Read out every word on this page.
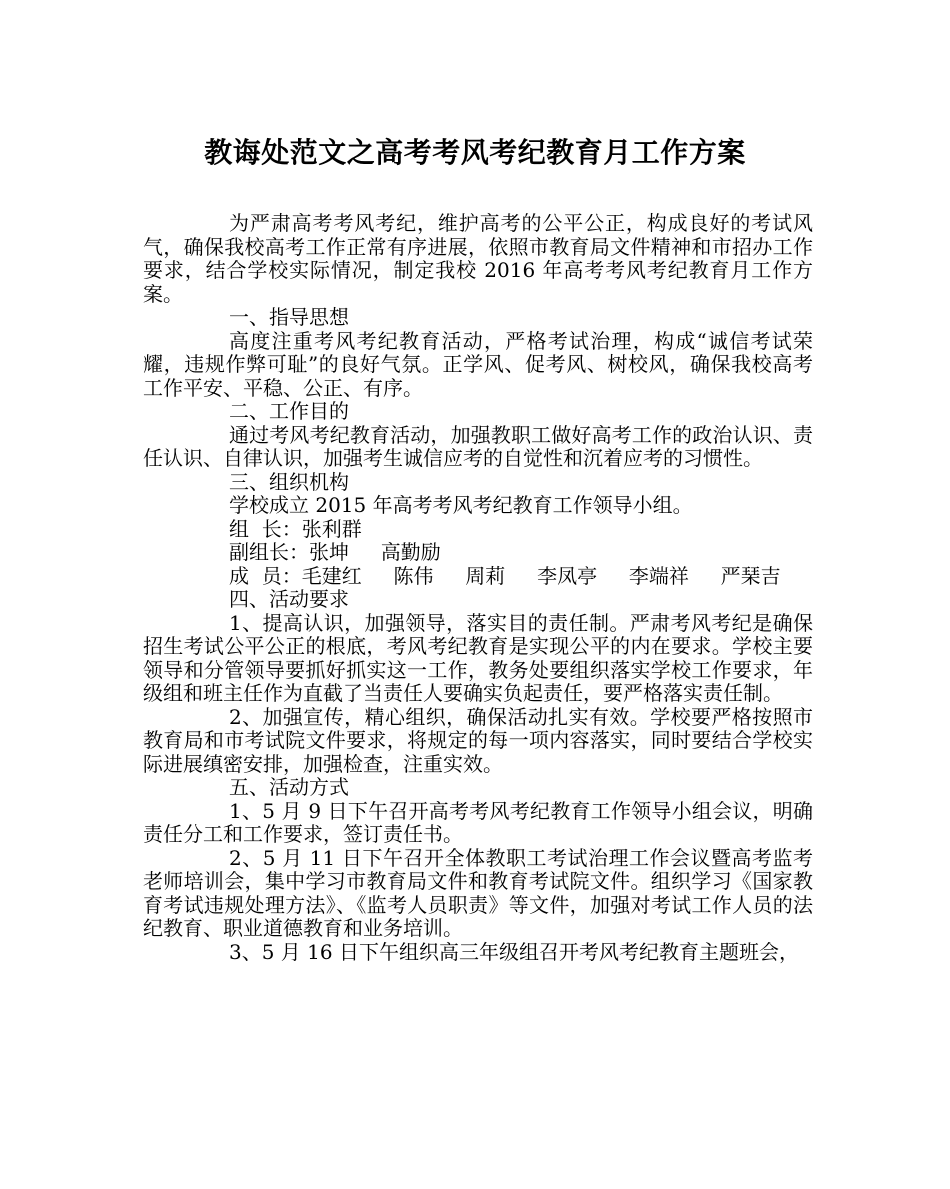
教诲处范文之高考考风考纪教育月工作方案

为严肃高考考风考纪，维护高考的公平公正，构成良好的考试风气，确保我校高考工作正常有序进展，依照市教育局文件精神和市招办工作要求，结合学校实际情况，制定我校 2016 年高考考风考纪教育月工作方案。

一、指导思想

高度注重考风考纪教育活动，严格考试治理，构成“诚信考试荣耀，违规作弊可耻”的良好气氛。正学风、促考风、树校风，确保我校高考工作平安、平稳、公正、有序。

二、工作目的

通过考风考纪教育活动，加强教职工做好高考工作的政治认识、责任认识、自律认识，加强考生诚信应考的自觉性和沉着应考的习惯性。

三、组织机构

学校成立 2015 年高考考风考纪教育工作领导小组。

组  长：张利群

副组长：张坤     高勤励

成  员：毛建红     陈伟     周莉     李凤亭     李端祥     严琹吉

四、活动要求

1、提高认识，加强领导，落实目的责任制。严肃考风考纪是确保招生考试公平公正的根底，考风考纪教育是实现公平的内在要求。学校主要领导和分管领导要抓好抓实这一工作，教务处要组织落实学校工作要求，年级组和班主任作为直截了当责任人要确实负起责任，要严格落实责任制。

2、加强宣传，精心组织，确保活动扎实有效。学校要严格按照市教育局和市考试院文件要求，将规定的每一项内容落实，同时要结合学校实际进展缜密安排，加强检查，注重实效。

五、活动方式

1、5 月 9 日下午召开高考考风考纪教育工作领导小组会议，明确责任分工和工作要求，签订责任书。

2、5 月 11 日下午召开全体教职工考试治理工作会议暨高考监考老师培训会，集中学习市教育局文件和教育考试院文件。组织学习《国家教育考试违规处理方法》、《监考人员职责》等文件，加强对考试工作人员的法纪教育、职业道德教育和业务培训。

3、5 月 16 日下午组织高三年级组召开考风考纪教育主题班会，
